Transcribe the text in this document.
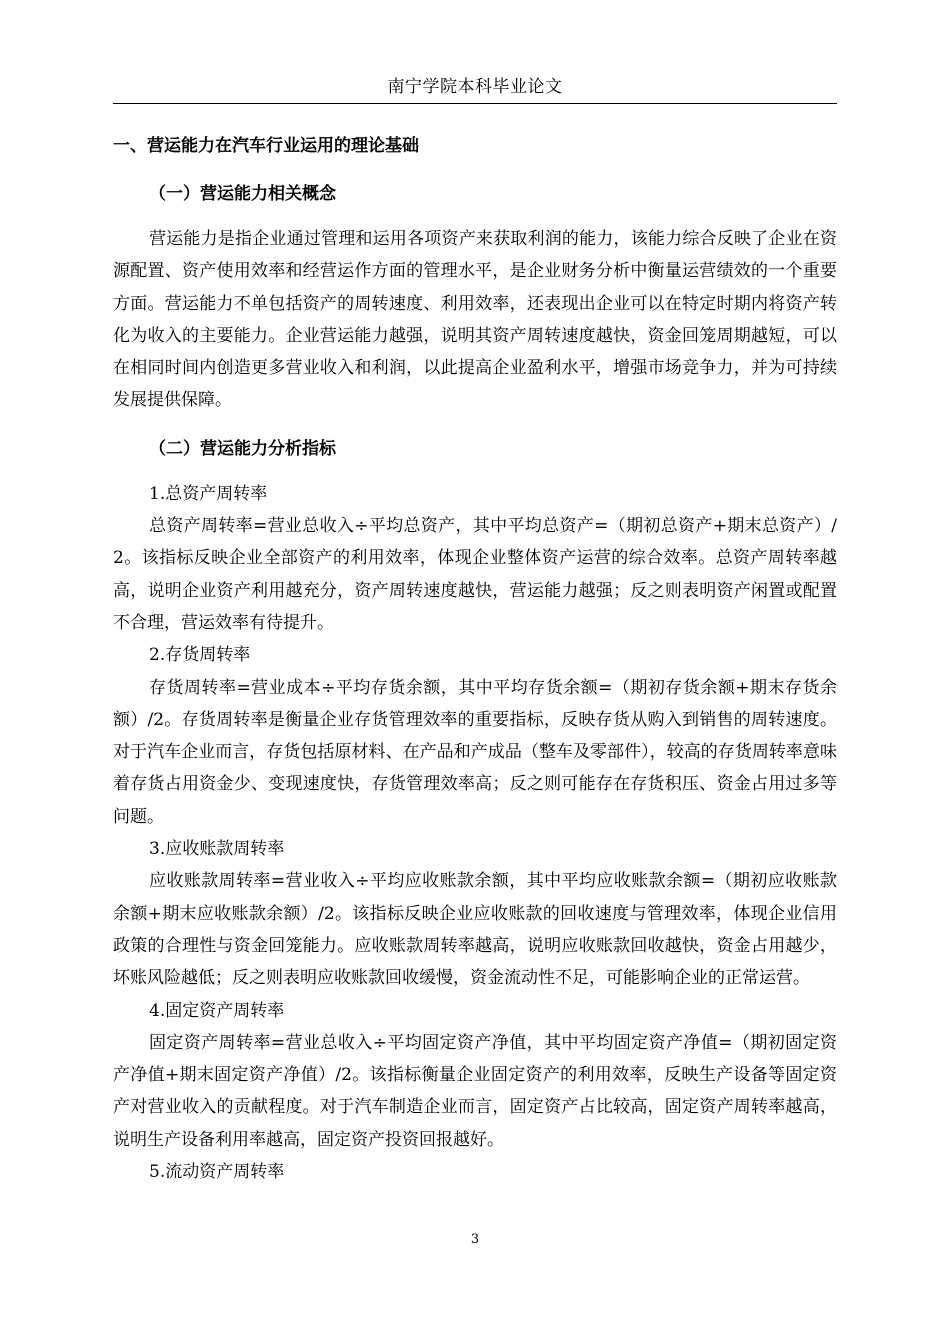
南宁学院本科毕业论文
一、营运能力在汽车行业运用的理论基础
（一）营运能力相关概念

营运能力是指企业通过管理和运用各项资产来获取利润的能力，该能力综合反映了企业在资源配置、资产使用效率和经营运作方面的管理水平，是企业财务分析中衡量运营绩效的一个重要方面。营运能力不单包括资产的周转速度、利用效率，还表现出企业可以在特定时期内将资产转化为收入的主要能力。企业营运能力越强，说明其资产周转速度越快，资金回笼周期越短，可以在相同时间内创造更多营业收入和利润，以此提高企业盈利水平，增强市场竞争力，并为可持续发展提供保障。

（二）营运能力分析指标

1.总资产周转率

总资产周转率=营业总收入÷平均总资产，其中平均总资产=（期初总资产+期末总资产）/2。该指标反映企业全部资产的利用效率，体现企业整体资产运营的综合效率。总资产周转率越高，说明企业资产利用越充分，资产周转速度越快，营运能力越强；反之则表明资产闲置或配置不合理，营运效率有待提升。

2.存货周转率

存货周转率=营业成本÷平均存货余额，其中平均存货余额=（期初存货余额+期末存货余额）/2。存货周转率是衡量企业存货管理效率的重要指标，反映存货从购入到销售的周转速度。对于汽车企业而言，存货包括原材料、在产品和产成品（整车及零部件），较高的存货周转率意味着存货占用资金少、变现速度快，存货管理效率高；反之则可能存在存货积压、资金占用过多等问题。

3.应收账款周转率

应收账款周转率=营业收入÷平均应收账款余额，其中平均应收账款余额=（期初应收账款余额+期末应收账款余额）/2。该指标反映企业应收账款的回收速度与管理效率，体现企业信用政策的合理性与资金回笼能力。应收账款周转率越高，说明应收账款回收越快，资金占用越少，坏账风险越低；反之则表明应收账款回收缓慢，资金流动性不足，可能影响企业的正常运营。

4.固定资产周转率

固定资产周转率=营业总收入÷平均固定资产净值，其中平均固定资产净值=（期初固定资产净值+期末固定资产净值）/2。该指标衡量企业固定资产的利用效率，反映生产设备等固定资产对营业收入的贡献程度。对于汽车制造企业而言，固定资产占比较高，固定资产周转率越高，说明生产设备利用率越高，固定资产投资回报越好。

5.流动资产周转率

3
